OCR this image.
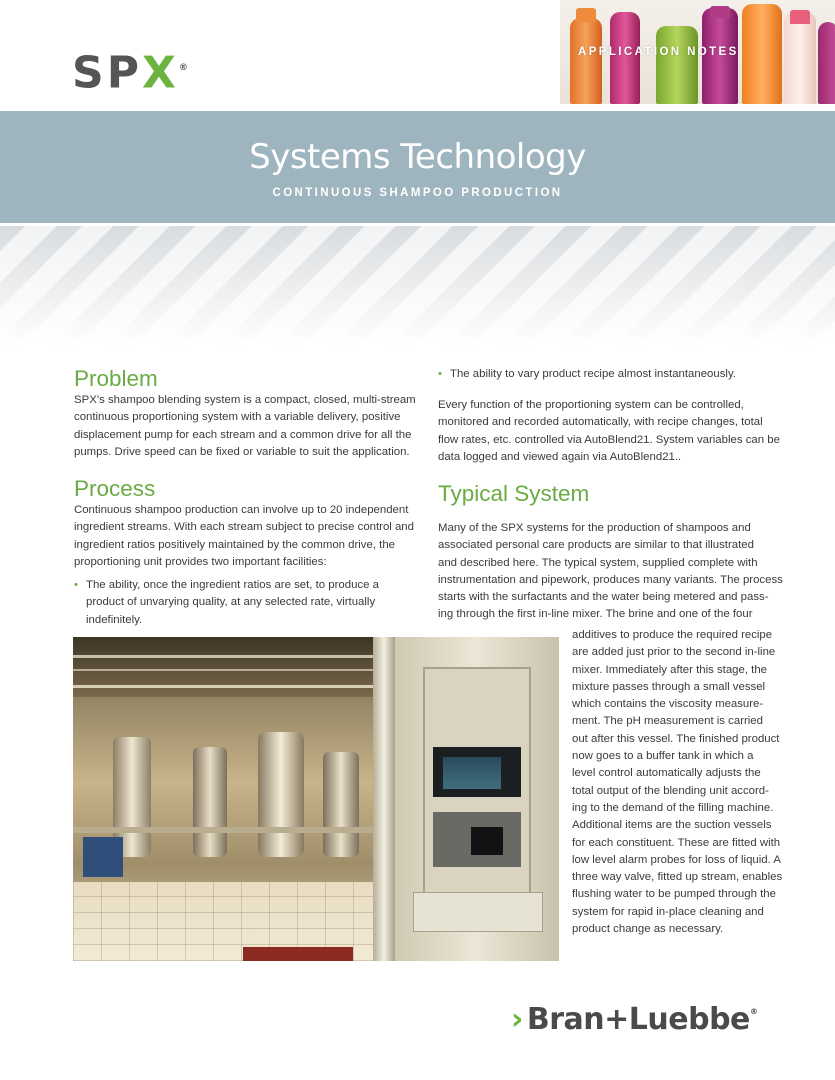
SPX®
APPLICATION NOTES
Systems Technology
CONTINUOUS SHAMPOO PRODUCTION
Problem
SPX’s shampoo blending system is a compact, closed, multi-stream
continuous proportioning system with a variable delivery, positive
displacement pump for each stream and a common drive for all the
pumps. Drive speed can be fixed or variable to suit the application.
Process
Continuous shampoo production can involve up to 20 independent
ingredient streams. With each stream subject to precise control and
ingredient ratios positively maintained by the common drive, the
proportioning unit provides two important facilities:
• The ability, once the ingredient ratios are set, to produce a
product of unvarying quality, at any selected rate, virtually
indefinitely.
• The ability to vary product recipe almost instantaneously.
Every function of the proportioning system can be controlled,
monitored and recorded automatically, with recipe changes, total
flow rates, etc. controlled via AutoBlend21. System variables can be
data logged and viewed again via AutoBlend21..
Typical System
Many of the SPX systems for the production of shampoos and
associated personal care products are similar to that illustrated
and described here. The typical system, supplied complete with
instrumentation and pipework, produces many variants. The process
starts with the surfactants and the water being metered and pass-
ing through the first in-line mixer. The brine and one of the four
additives to produce the required recipe
are added just prior to the second in-line
mixer. Immediately after this stage, the
mixture passes through a small vessel
which contains the viscosity measure-
ment. The pH measurement is carried
out after this vessel. The finished product
now goes to a buffer tank in which a
level control automatically adjusts the
total output of the blending unit accord-
ing to the demand of the filling machine.
Additional items are the suction vessels
for each constituent. These are fitted with
low level alarm probes for loss of liquid. A
three way valve, fitted up stream, enables
flushing water to be pumped through the
system for rapid in-place cleaning and
product change as necessary.
› Bran+Luebbe®
